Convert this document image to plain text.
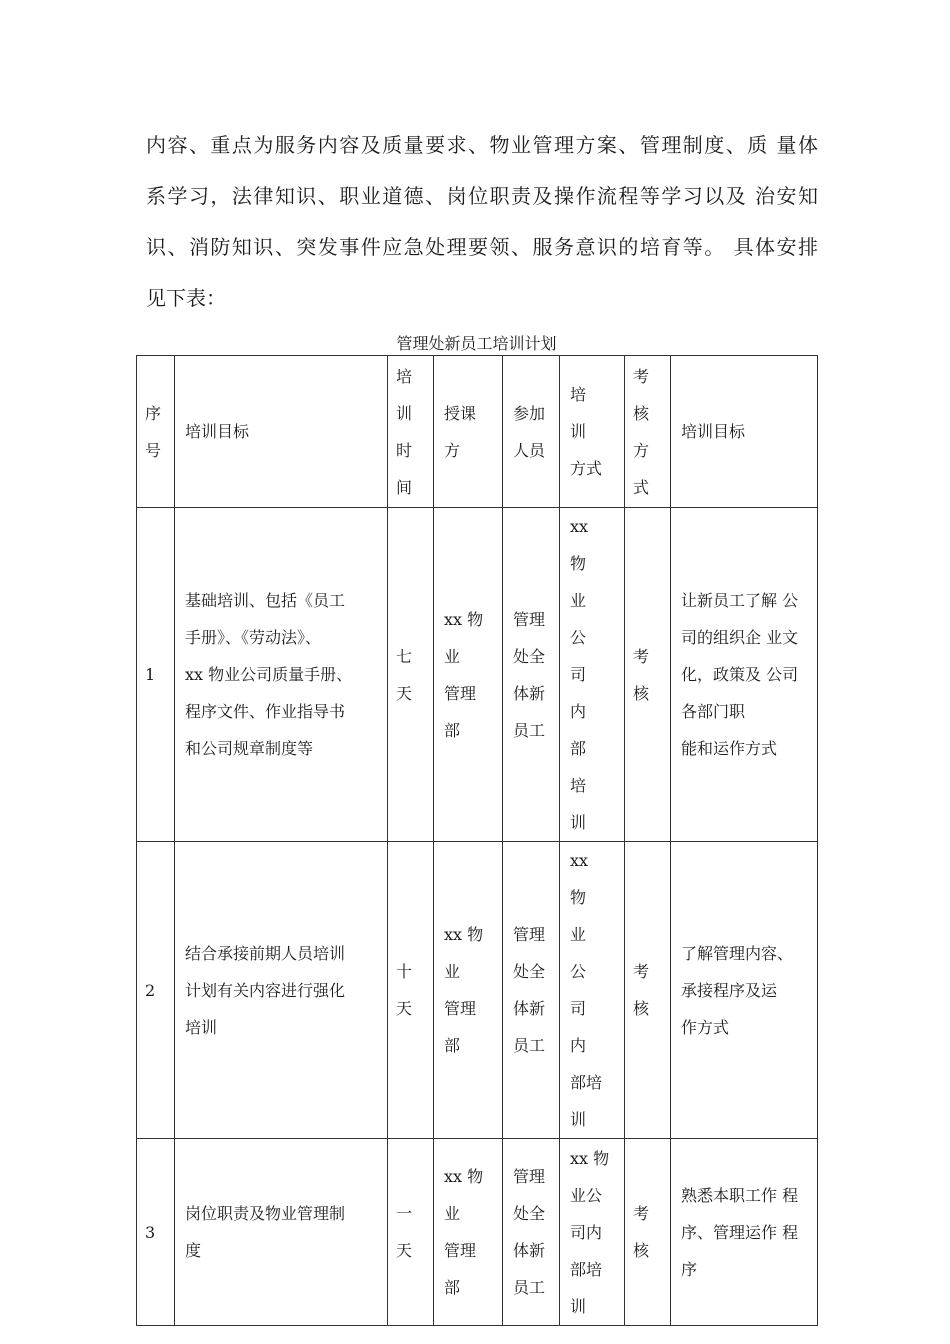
内容、重点为服务内容及质量要求、物业管理方案、管理制度、质 量体
系学习，法律知识、职业道德、岗位职责及操作流程等学习以及 治安知
识、消防知识、突发事件应急处理要领、服务意识的培育等。 具体安排
见下表：
管理处新员工培训计划
序
号	培训目标	培
训
时
间	授课
方	参加
人员	培　训
方式	考
核
方
式	培训目标
1	基础培训、包括《员工
手册》、《劳动法》、
xx 物业公司质量手册、
程序文件、作业指导书
和公司规章制度等	七
天	xx 物
业
管理
部	管理
处全
体新
员工	xx　物
业　公
司　内
部　培
训	考
核	让新员工了解 公
司的组织企 业文
化，政策及 公司
各部门职
能和运作方式

2	结合承接前期人员培训
计划有关内容进行强化
培训	十
天	xx 物
业
管理
部	管理
处全
体新
员工	xx　物
业　公
司　内
部培
训	考
核	了解管理内容、
承接程序及运
作方式

3	岗位职责及物业管理制
度	一
天	xx 物
业
管理
部	管理
处全
体新
员工	xx 物
业公
司内
部培
训	考
核	熟悉本职工作 程
序、管理运作 程
序
